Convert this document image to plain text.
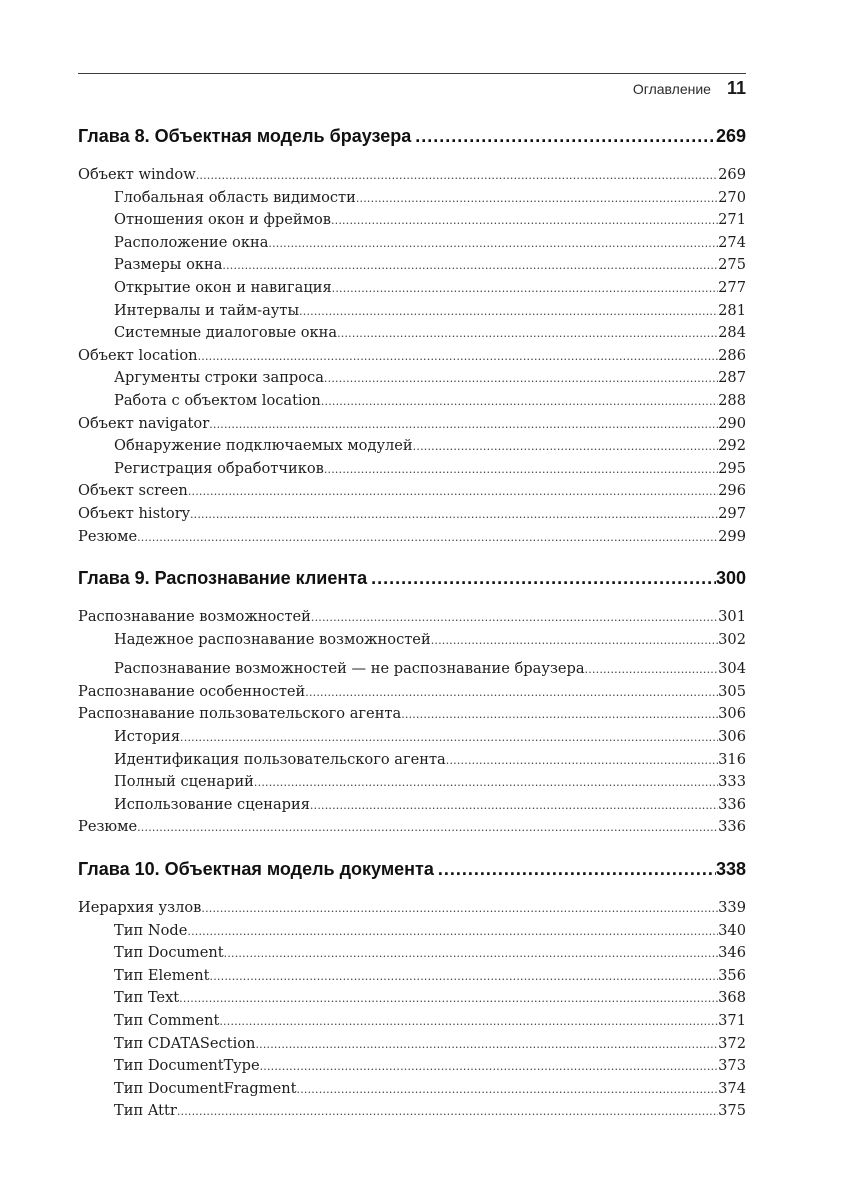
Оглавление 11
Глава 8. Объектная модель браузера .....	269
Объект window .....	269
Глобальная область видимости .....	270
Отношения окон и фреймов .....	271
Расположение окна .....	274
Размеры окна .....	275
Открытие окон и навигация .....	277
Интервалы и тайм-ауты .....	281
Системные диалоговые окна .....	284
Объект location .....	286
Аргументы строки запроса .....	287
Работа с объектом location .....	288
Объект navigator .....	290
Обнаружение подключаемых модулей .....	292
Регистрация обработчиков .....	295
Объект screen .....	296
Объект history .....	297
Резюме .....	299
Глава 9. Распознавание клиента .....	300
Распознавание возможностей .....	301
Надежное распознавание возможностей .....	302
Распознавание возможностей — не распознавание браузера .....	304
Распознавание особенностей .....	305
Распознавание пользовательского агента .....	306
История .....	306
Идентификация пользовательского агента .....	316
Полный сценарий .....	333
Использование сценария .....	336
Резюме .....	336
Глава 10. Объектная модель документа .....	338
Иерархия узлов .....	339
Тип Node .....	340
Тип Document .....	346
Тип Element .....	356
Тип Text .....	368
Тип Comment .....	371
Тип CDATASection .....	372
Тип DocumentType .....	373
Тип DocumentFragment .....	374
Тип Attr .....	375
